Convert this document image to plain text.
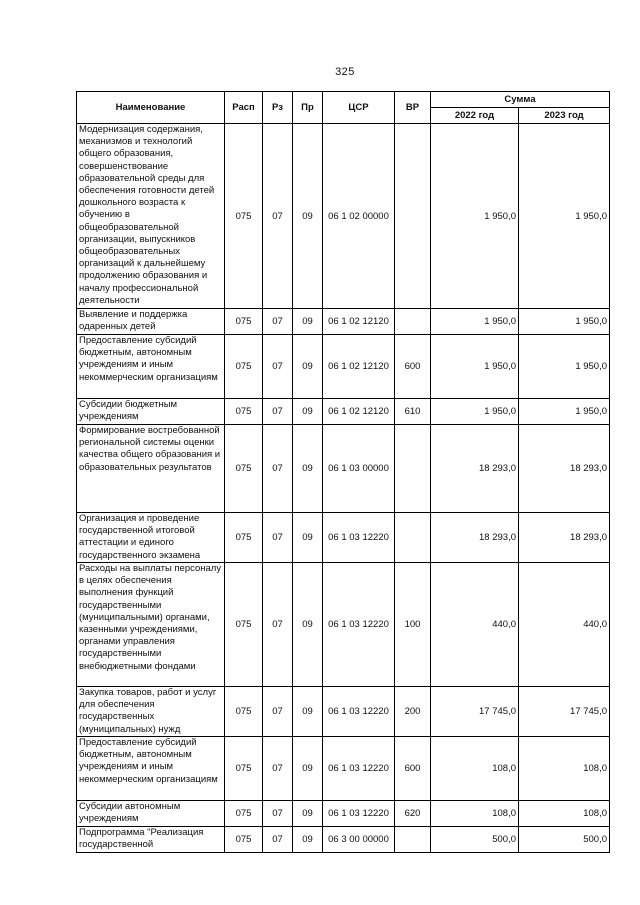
325
Наименование	Расп	Рз	Пр	ЦСР	ВР	Сумма	
						2022 год	2023 год
Модернизация содержания, механизмов и технологий общего образования, совершенствование образовательной среды для обеспечения готовности детей дошкольного возраста к обучению в общеобразовательной организации, выпускников общеобразовательных организаций к дальнейшему продолжению образования и началу профессиональной деятельности	075	07	09	06 1 02 00000		1 950,0	1 950,0
Выявление и поддержка одаренных детей	075	07	09	06 1 02 12120		1 950,0	1 950,0
Предоставление субсидий бюджетным, автономным учреждениям и иным некоммерческим организациям	075	07	09	06 1 02 12120	600	1 950,0	1 950,0
Субсидии бюджетным учреждениям	075	07	09	06 1 02 12120	610	1 950,0	1 950,0
Формирование востребованной региональной системы оценки качества общего образования и образовательных результатов	075	07	09	06 1 03 00000		18 293,0	18 293,0
Организация и проведение государственной итоговой аттестации и единого государственного экзамена	075	07	09	06 1 03 12220		18 293,0	18 293,0
Расходы на выплаты персоналу в целях обеспечения выполнения функций государственными (муниципальными) органами, казенными учреждениями, органами управления государственными внебюджетными фондами	075	07	09	06 1 03 12220	100	440,0	440,0
Закупка товаров, работ и услуг для обеспечения государственных (муниципальных) нужд	075	07	09	06 1 03 12220	200	17 745,0	17 745,0
Предоставление субсидий бюджетным, автономным учреждениям и иным некоммерческим организациям	075	07	09	06 1 03 12220	600	108,0	108,0
Субсидии автономным учреждениям	075	07	09	06 1 03 12220	620	108,0	108,0
Подпрограмма "Реализация государственной	075	07	09	06 3 00 00000		500,0	500,0
